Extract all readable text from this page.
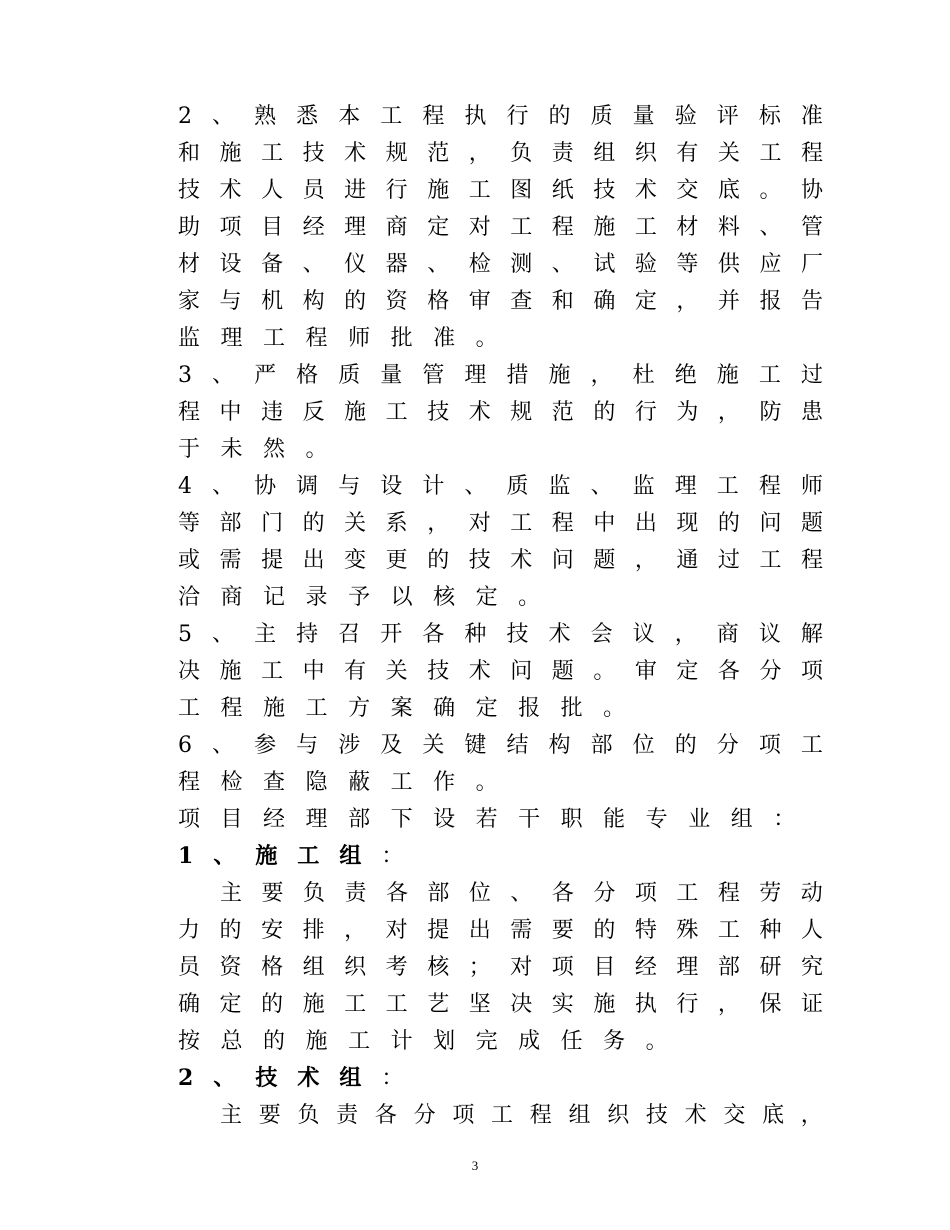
2 、 熟 悉 本 工 程 执 行 的 质 量 验 评 标 准
和 施 工 技 术 规 范 ， 负 责 组 织 有 关 工 程
技 术 人 员 进 行 施 工 图 纸 技 术 交 底 。 协
助 项 目 经 理 商 定 对 工 程 施 工 材 料 、 管
材 设 备 、 仪 器 、 检 测 、 试 验 等 供 应 厂
家 与 机 构 的 资 格 审 查 和 确 定 ， 并 报 告
监 理 工 程 师 批 准 。
3 、 严 格 质 量 管 理 措 施 ， 杜 绝 施 工 过
程 中 违 反 施 工 技 术 规 范 的 行 为 ， 防 患
于 未 然 。
4 、 协 调 与 设 计 、 质 监 、 监 理 工 程 师
等 部 门 的 关 系 ， 对 工 程 中 出 现 的 问 题
或 需 提 出 变 更 的 技 术 问 题 ， 通 过 工 程
洽 商 记 录 予 以 核 定 。
5 、 主 持 召 开 各 种 技 术 会 议 ， 商 议 解
决 施 工 中 有 关 技 术 问 题 。 审 定 各 分 项
工 程 施 工 方 案 确 定 报 批 。
6 、 参 与 涉 及 关 键 结 构 部 位 的 分 项 工
程 检 查 隐 蔽 工 作 。
项 目 经 理 部 下 设 若 干 职 能 专 业 组 ：
1 、 施 工 组 ：
主 要 负 责 各 部 位 、 各 分 项 工 程 劳 动
力 的 安 排 ， 对 提 出 需 要 的 特 殊 工 种 人
员 资 格 组 织 考 核 ； 对 项 目 经 理 部 研 究
确 定 的 施 工 工 艺 坚 决 实 施 执 行 ， 保 证
按 总 的 施 工 计 划 完 成 任 务 。
2 、 技 术 组 ：
主 要 负 责 各 分 项 工 程 组 织 技 术 交 底 ，
3
